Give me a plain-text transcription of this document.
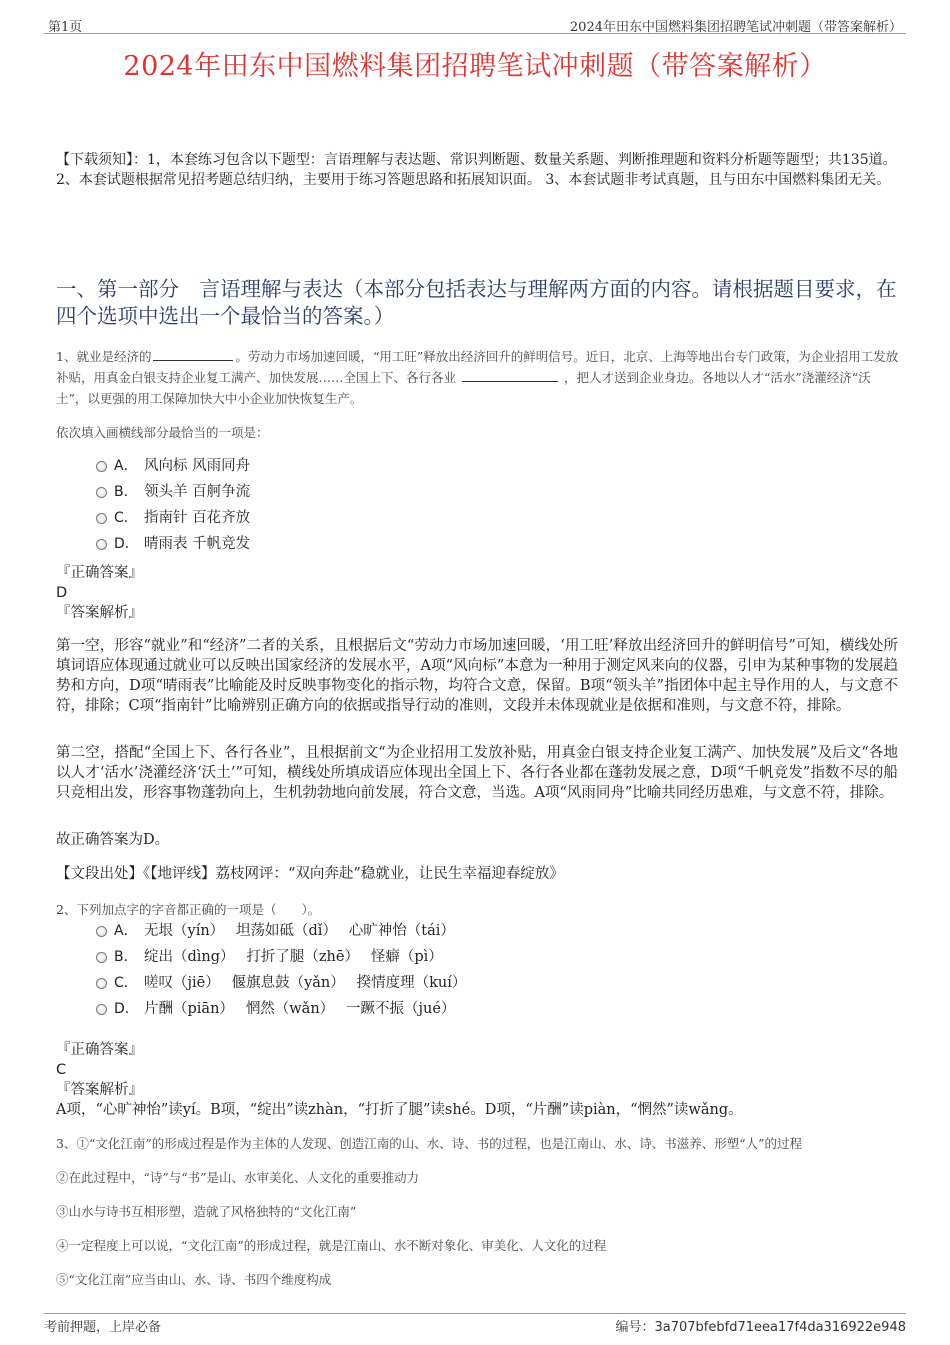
第1页	2024年田东中国燃料集团招聘笔试冲刺题（带答案解析）
2024年田东中国燃料集团招聘笔试冲刺题（带答案解析）
【下载须知】：1，本套练习包含以下题型：言语理解与表达题、常识判断题、数量关系题、判断推理题和资料分析题等题型；共135道。 2、本套试题根据常见招考题总结归纳，主要用于练习答题思路和拓展知识面。 3、本套试题非考试真题，且与田东中国燃料集团无关。
一、第一部分　言语理解与表达（本部分包括表达与理解两方面的内容。请根据题目要求，在四个选项中选出一个最恰当的答案。）
1、就业是经济的	。劳动力市场加速回暖，“用工旺”释放出经济回升的鲜明信号。近日，北京、上海等地出台专门政策，为企业招用工发放补贴，用真金白银支持企业复工满产、加快发展……全国上下、各行各业	，把人才送到企业身边。各地以人才“活水”浇灌经济“沃土”，以更强的用工保障加快大中小企业加快恢复生产。
依次填入画横线部分最恰当的一项是：
A． 风向标 风雨同舟
B． 领头羊 百舸争流
C． 指南针 百花齐放
D． 晴雨表 千帆竞发
『正确答案』
D
『答案解析』
第一空，形容“就业”和“经济”二者的关系，且根据后文“劳动力市场加速回暖，‘用工旺’释放出经济回升的鲜明信号”可知，横线处所填词语应体现通过就业可以反映出国家经济的发展水平，A项“风向标”本意为一种用于测定风来向的仪器，引申为某种事物的发展趋势和方向，D项“晴雨表”比喻能及时反映事物变化的指示物，均符合文意，保留。B项“领头羊”指团体中起主导作用的人，与文意不符，排除；C项“指南针”比喻辨别正确方向的依据或指导行动的准则，文段并未体现就业是依据和准则，与文意不符，排除。
第二空，搭配“全国上下、各行各业”，且根据前文“为企业招用工发放补贴，用真金白银支持企业复工满产、加快发展”及后文“各地以人才‘活水’浇灌经济‘沃土’”可知，横线处所填成语应体现出全国上下、各行各业都在蓬勃发展之意，D项“千帆竞发”指数不尽的船只竞相出发，形容事物蓬勃向上，生机勃勃地向前发展，符合文意，当选。A项“风雨同舟”比喻共同经历患难，与文意不符，排除。
故正确答案为D。
【文段出处】《【地评线】荔枝网评：“双向奔赴”稳就业，让民生幸福迎春绽放》
2、下列加点字的字音都正确的一项是（　　）。
A． 无垠（yín）　 坦荡如砥（dǐ）　 心旷神怡（tái）
B． 绽出（dìng）　 打折了腿（zhē）　 怪癖（pì）
C． 嗟叹（jiē）　 偃旗息鼓（yǎn）　 揆情度理（kuí）
D． 片酬（piān）　 惘然（wǎn）　 一蹶不振（jué）
『正确答案』
C
『答案解析』
A项，“心旷神怡”读yí。B项，“绽出”读zhàn，“打折了腿”读shé。D项，“片酬”读piàn，“惘然”读wǎng。
3、①“文化江南”的形成过程是作为主体的人发现、创造江南的山、水、诗、书的过程，也是江南山、水、诗、书滋养、形塑“人”的过程
②在此过程中，“诗”与“书”是山、水审美化、人文化的重要推动力
③山水与诗书互相形塑，造就了风格独特的“文化江南”
④一定程度上可以说，“文化江南”的形成过程，就是江南山、水不断对象化、审美化、人文化的过程
⑤“文化江南”应当由山、水、诗、书四个维度构成
考前押题，上岸必备	编号：3a707bfebfd71eea17f4da316922e948
